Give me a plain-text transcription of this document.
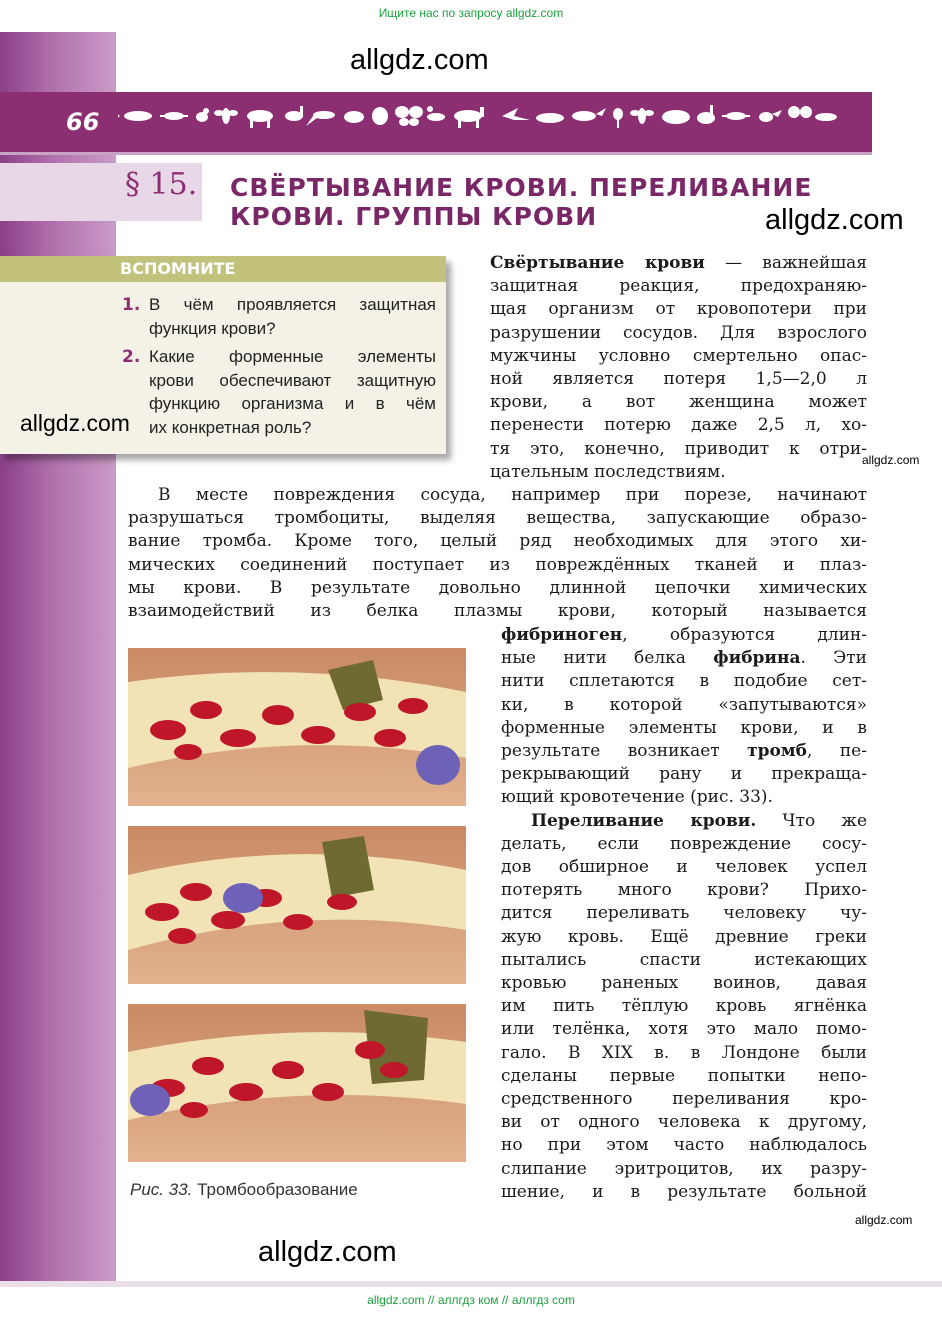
Ищите нас по запросу allgdz.com
allgdz.com
66
§ 15. СВЁРТЫВАНИЕ КРОВИ. ПЕРЕЛИВАНИЕ
КРОВИ. ГРУППЫ КРОВИ	allgdz.com
ВСПОМНИТЕ
1. В чём проявляется защитная
функция крови?
2. Какие форменные элементы
крови обеспечивают защитную
функцию организма и в чём
их конкретная роль?
allgdz.com
Свёртывание крови — важнейшая
защитная реакция, предохраняю-
щая организм от кровопотери при
разрушении сосудов. Для взрослого
мужчины условно смертельно опас-
ной является потеря 1,5—2,0 л
крови, а вот женщина может
перенести потерю даже 2,5 л, хо-
тя это, конечно, приводит к отри-
цательным последствиям.
allgdz.com
В месте повреждения сосуда, например при порезе, начинают
разрушаться тромбоциты, выделяя вещества, запускающие образо-
вание тромба. Кроме того, целый ряд необходимых для этого хи-
мических соединений поступает из повреждённых тканей и плаз-
мы крови. В результате довольно длинной цепочки химических
взаимодействий из белка плазмы крови, который называется
фибриноген, образуются длин-
ные нити белка фибрина. Эти
нити сплетаются в подобие сет-
ки, в которой «запутываются»
форменные элементы крови, и в
результате возникает тромб, пе-
рекрывающий рану и прекраща-
ющий кровотечение (рис. 33).
Переливание крови. Что же
делать, если повреждение сосу-
дов обширное и человек успел
потерять много крови? Прихо-
дится переливать человеку чу-
жую кровь. Ещё древние греки
пытались спасти истекающих
кровью раненых воинов, давая
им пить тёплую кровь ягнёнка
или телёнка, хотя это мало помо-
гало. В XIX в. в Лондоне были
сделаны первые попытки непо-
средственного переливания кро-
ви от одного человека к другому,
но при этом часто наблюдалось
слипание эритроцитов, их разру-
шение, и в результате больной
Рис. 33. Тромбообразование
allgdz.com
allgdz.com
allgdz.com // аллгдз ком // аллгдз com
